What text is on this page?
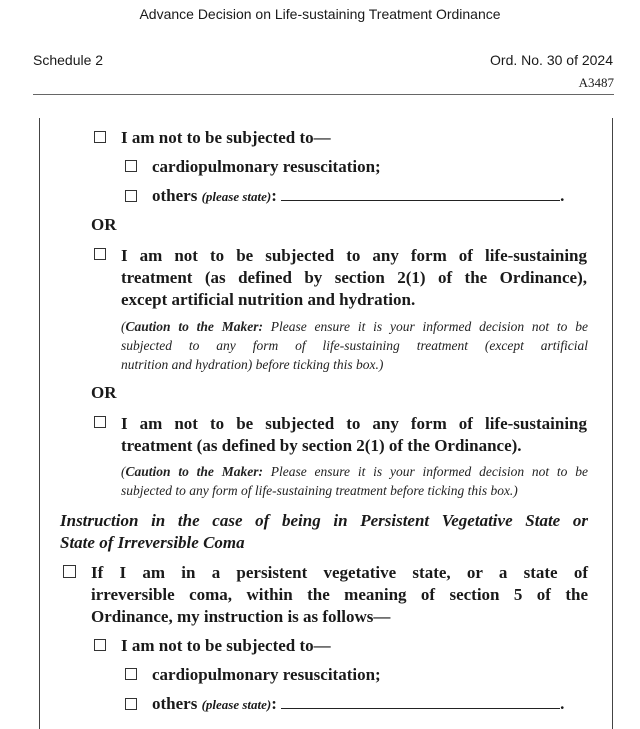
Advance Decision on Life-sustaining Treatment Ordinance
Schedule 2	Ord. No. 30 of 2024
A3487
I am not to be subjected to—
cardiopulmonary resuscitation;
others (please state):	.
OR
I am not to be subjected to any form of life-sustaining
treatment (as defined by section 2(1) of the Ordinance),
except artificial nutrition and hydration.
(Caution to the Maker: Please ensure it is your informed decision not to be
subjected to any form of life-sustaining treatment (except artificial
nutrition and hydration) before ticking this box.)
OR
I am not to be subjected to any form of life-sustaining
treatment (as defined by section 2(1) of the Ordinance).
(Caution to the Maker: Please ensure it is your informed decision not to be
subjected to any form of life-sustaining treatment before ticking this box.)
Instruction in the case of being in Persistent Vegetative State or
State of Irreversible Coma
If I am in a persistent vegetative state, or a state of
irreversible coma, within the meaning of section 5 of the
Ordinance, my instruction is as follows—
I am not to be subjected to—
cardiopulmonary resuscitation;
others (please state):	.
